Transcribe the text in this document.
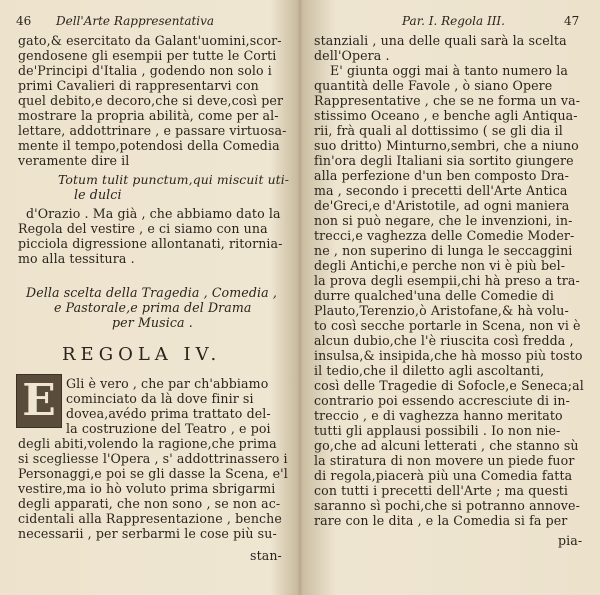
46 Dell'Arte Rappresentativa
gato,& esercitato da Galant'uomini,scor-
gendosene gli esempii per tutte le Corti
de'Principi d'Italia , godendo non solo i
primi Cavalieri di rappresentarvi con
quel debito,e decoro,che si deve,così per
mostrare la propria abilità, come per al-
lettare, addottrinare , e passare virtuosa-
mente il tempo,potendosi della Comedia
veramente dire il
Totum tulit punctum,qui miscuit uti-
le dulci
d'Orazio . Ma già , che abbiamo dato la
Regola del vestire , e ci siamo con una
picciola digressione allontanati, ritornia-
mo alla tessitura .
Della scelta della Tragedia , Comedia ,
e Pastorale,e prima del Drama
per Musica .
REGOLA IV.
E Gli è vero , che par ch'abbiamo
cominciato da là dove finir si
dovea,avédo prima trattato del-
la costruzione del Teatro , e poi
degli abiti,volendo la ragione,che prima
si scegliesse l'Opera , s' addottrinassero i
Personaggi,e poi se gli dasse la Scena, e'l
vestire,ma io hò voluto prima sbrigarmi
degli apparati, che non sono , se non ac-
cidentali alla Rappresentazione , benche
necessarii , per serbarmi le cose più su-
stan-
Par. I. Regola III.	47
stanziali , una delle quali sarà la scelta
dell'Opera .
E' giunta oggi mai à tanto numero la
quantità delle Favole , ò siano Opere
Rappresentative , che se ne forma un va-
stissimo Oceano , e benche agli Antiqua-
rii, frà quali al dottissimo ( se gli dia il
suo dritto) Minturno,sembri, che a niuno
fin'ora degli Italiani sia sortito giungere
alla perfezione d'un ben composto Dra-
ma , secondo i precetti dell'Arte Antica
de'Greci,e d'Aristotile, ad ogni maniera
non si può negare, che le invenzioni, in-
trecci,e vaghezza delle Comedie Moder-
ne , non superino di lunga le seccaggini
degli Antichi,e perche non vi è più bel-
la prova degli esempii,chi hà preso a tra-
durre qualched'una delle Comedie di
Plauto,Terenzio,ò Aristofane,& hà volu-
to così secche portarle in Scena, non vi è
alcun dubio,che l'è riuscita così fredda ,
insulsa,& insipida,che hà mosso più tosto
il tedio,che il diletto agli ascoltanti,
così delle Tragedie di Sofocle,e Seneca;al
contrario poi essendo accresciute di in-
treccio , e di vaghezza hanno meritato
tutti gli applausi possibili . Io non nie-
go,che ad alcuni letterati , che stanno sù
la stiratura di non movere un piede fuor
di regola,piacerà più una Comedia fatta
con tutti i precetti dell'Arte ; ma questi
saranno sì pochi,che si potranno annove-
rare con le dita , e la Comedia si fa per
pia-
